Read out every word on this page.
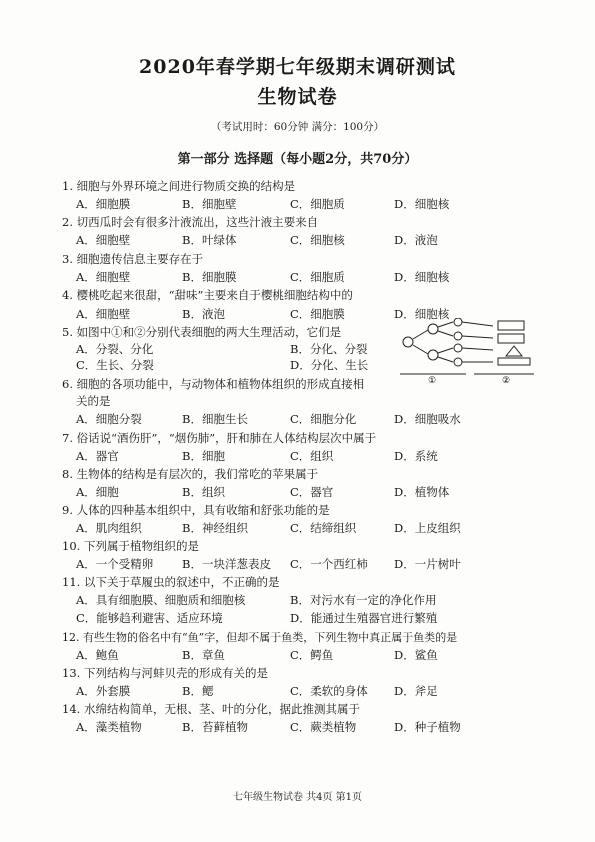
2020年春学期七年级期末调研测试
生物试卷
（考试用时：60分钟 满分：100分）
第一部分 选择题（每小题2分，共70分）
1. 细胞与外界环境之间进行物质交换的结构是
A．细胞膜	B．细胞壁	C．细胞质	D．细胞核
2. 切西瓜时会有很多汁液流出，这些汁液主要来自
A．细胞壁	B．叶绿体	C．细胞核	D．液泡
3. 细胞遗传信息主要存在于
A．细胞壁	B．细胞膜	C．细胞质	D．细胞核
4. 樱桃吃起来很甜，“甜味”主要来自于樱桃细胞结构中的
A．细胞壁	B．液泡	C．细胞膜	D．细胞核
5. 如图中①和②分别代表细胞的两大生理活动，它们是
A．分裂、分化	B．分化、分裂
C．生长、分裂	D．分化、生长
①	②
6. 细胞的各项功能中，与动物体和植物体组织的形成直接相
关的是
A．细胞分裂	B．细胞生长	C．细胞分化	D．细胞吸水
7. 俗话说“酒伤肝”，“烟伤肺”，肝和肺在人体结构层次中属于
A．器官	B．细胞	C．组织	D．系统
8. 生物体的结构是有层次的，我们常吃的苹果属于
A．细胞	B．组织	C．器官	D．植物体
9. 人体的四种基本组织中，具有收缩和舒张功能的是
A．肌肉组织	B．神经组织	C．结缔组织	D．上皮组织
10. 下列属于植物组织的是
A．一个受精卵 B．一块洋葱表皮 C．一个西红柿 D．一片树叶
11. 以下关于草履虫的叙述中，不正确的是
A．具有细胞膜、细胞质和细胞核	B．对污水有一定的净化作用
C．能够趋利避害、适应环境	D．能通过生殖器官进行繁殖
12. 有些生物的俗名中有“鱼”字，但却不属于鱼类，下列生物中真正属于鱼类的是
A．鲍鱼	B．章鱼	C．鳄鱼	D．鲨鱼
13. 下列结构与河蚌贝壳的形成有关的是
A．外套膜	B．鳃	C．柔软的身体 D．斧足
14. 水绵结构简单，无根、茎、叶的分化，据此推测其属于
A．藻类植物	B．苔藓植物	C．蕨类植物	D．种子植物
七年级生物试卷 共4页 第1页
